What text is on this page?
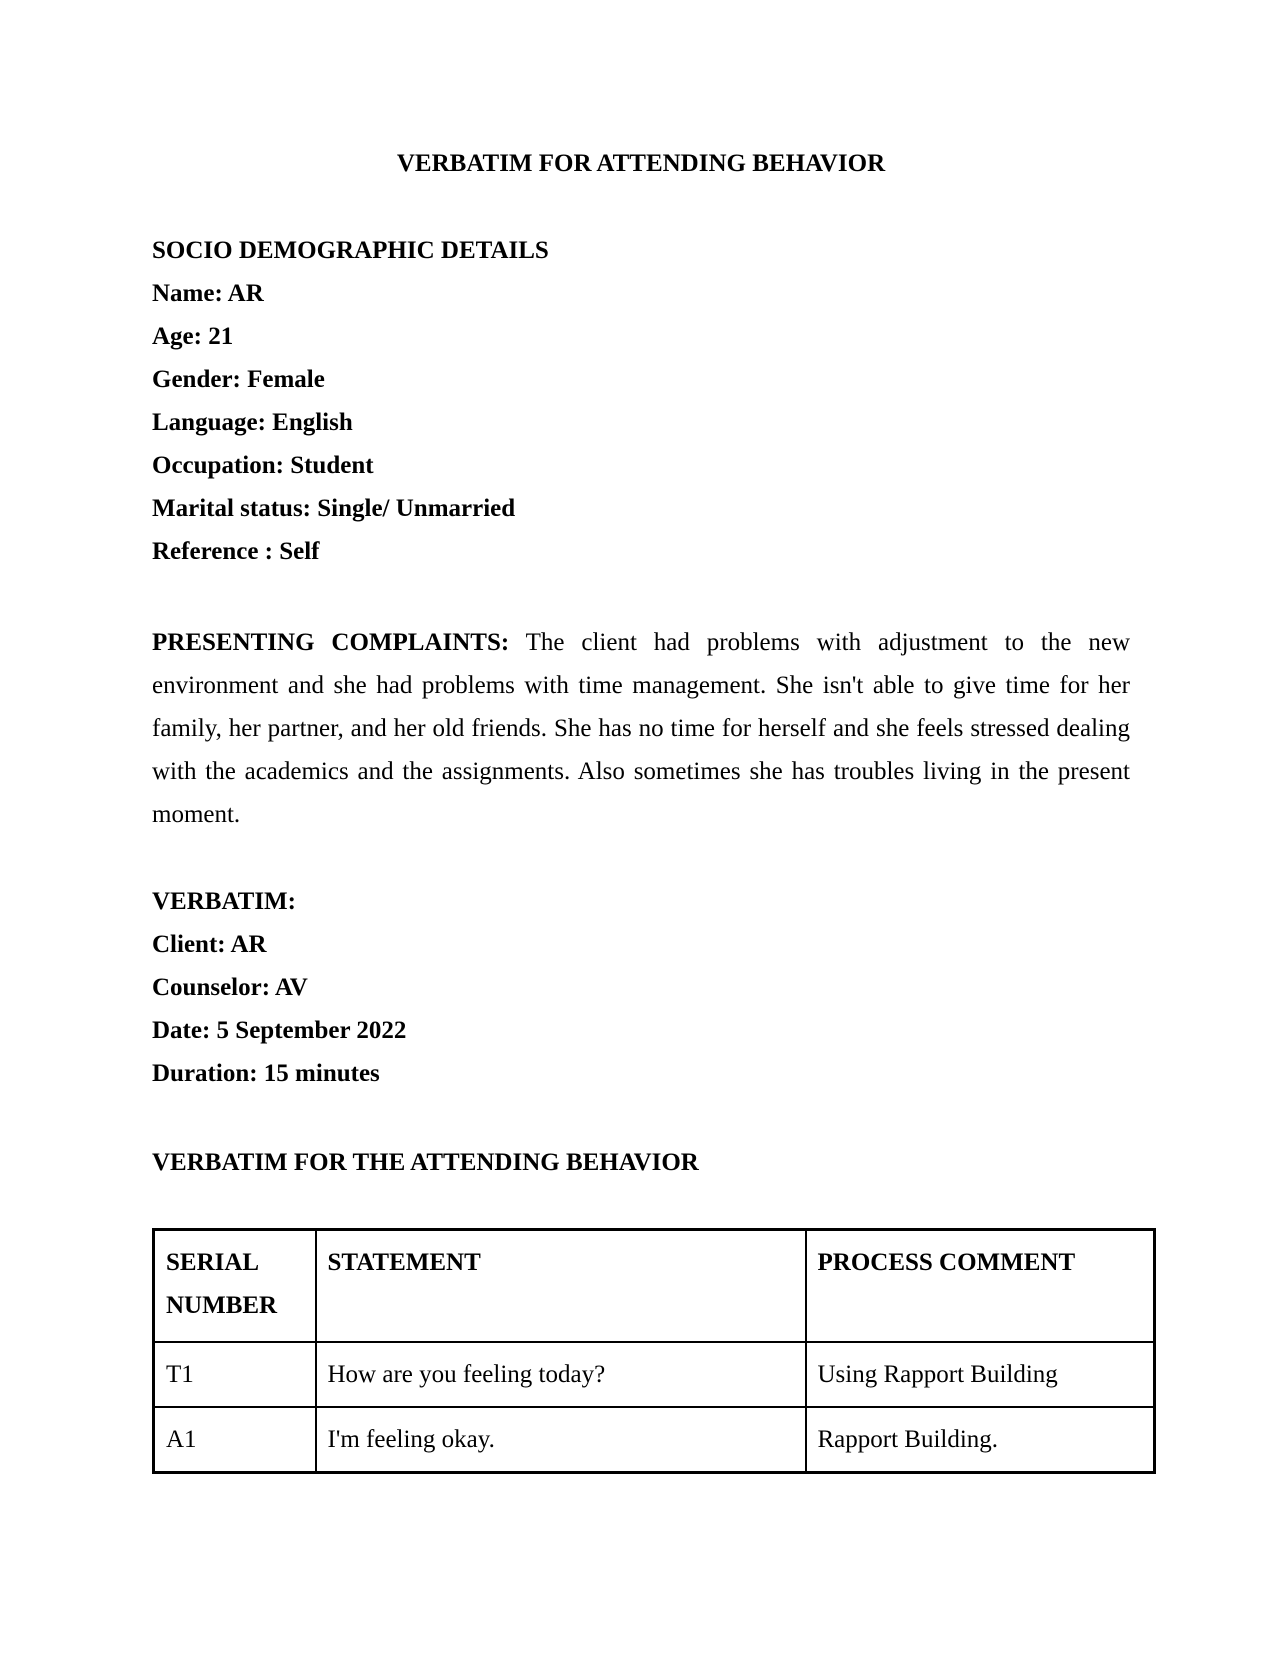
VERBATIM FOR ATTENDING BEHAVIOR

SOCIO DEMOGRAPHIC DETAILS

Name: AR

Age: 21

Gender: Female

Language: English

Occupation: Student

Marital status: Single/ Unmarried

Reference : Self

PRESENTING COMPLAINTS: The client had problems with adjustment to the new environment and she had problems with time management. She isn't able to give time for her family, her partner, and her old friends. She has no time for herself and she feels stressed dealing with the academics and the assignments. Also sometimes she has troubles living in the present moment.

VERBATIM:

Client: AR

Counselor: AV

Date: 5 September 2022

Duration: 15 minutes

VERBATIM FOR THE ATTENDING BEHAVIOR

SERIAL NUMBER	STATEMENT	PROCESS COMMENT
T1	How are you feeling today?	Using Rapport Building
A1	I'm feeling okay.	Rapport Building.
